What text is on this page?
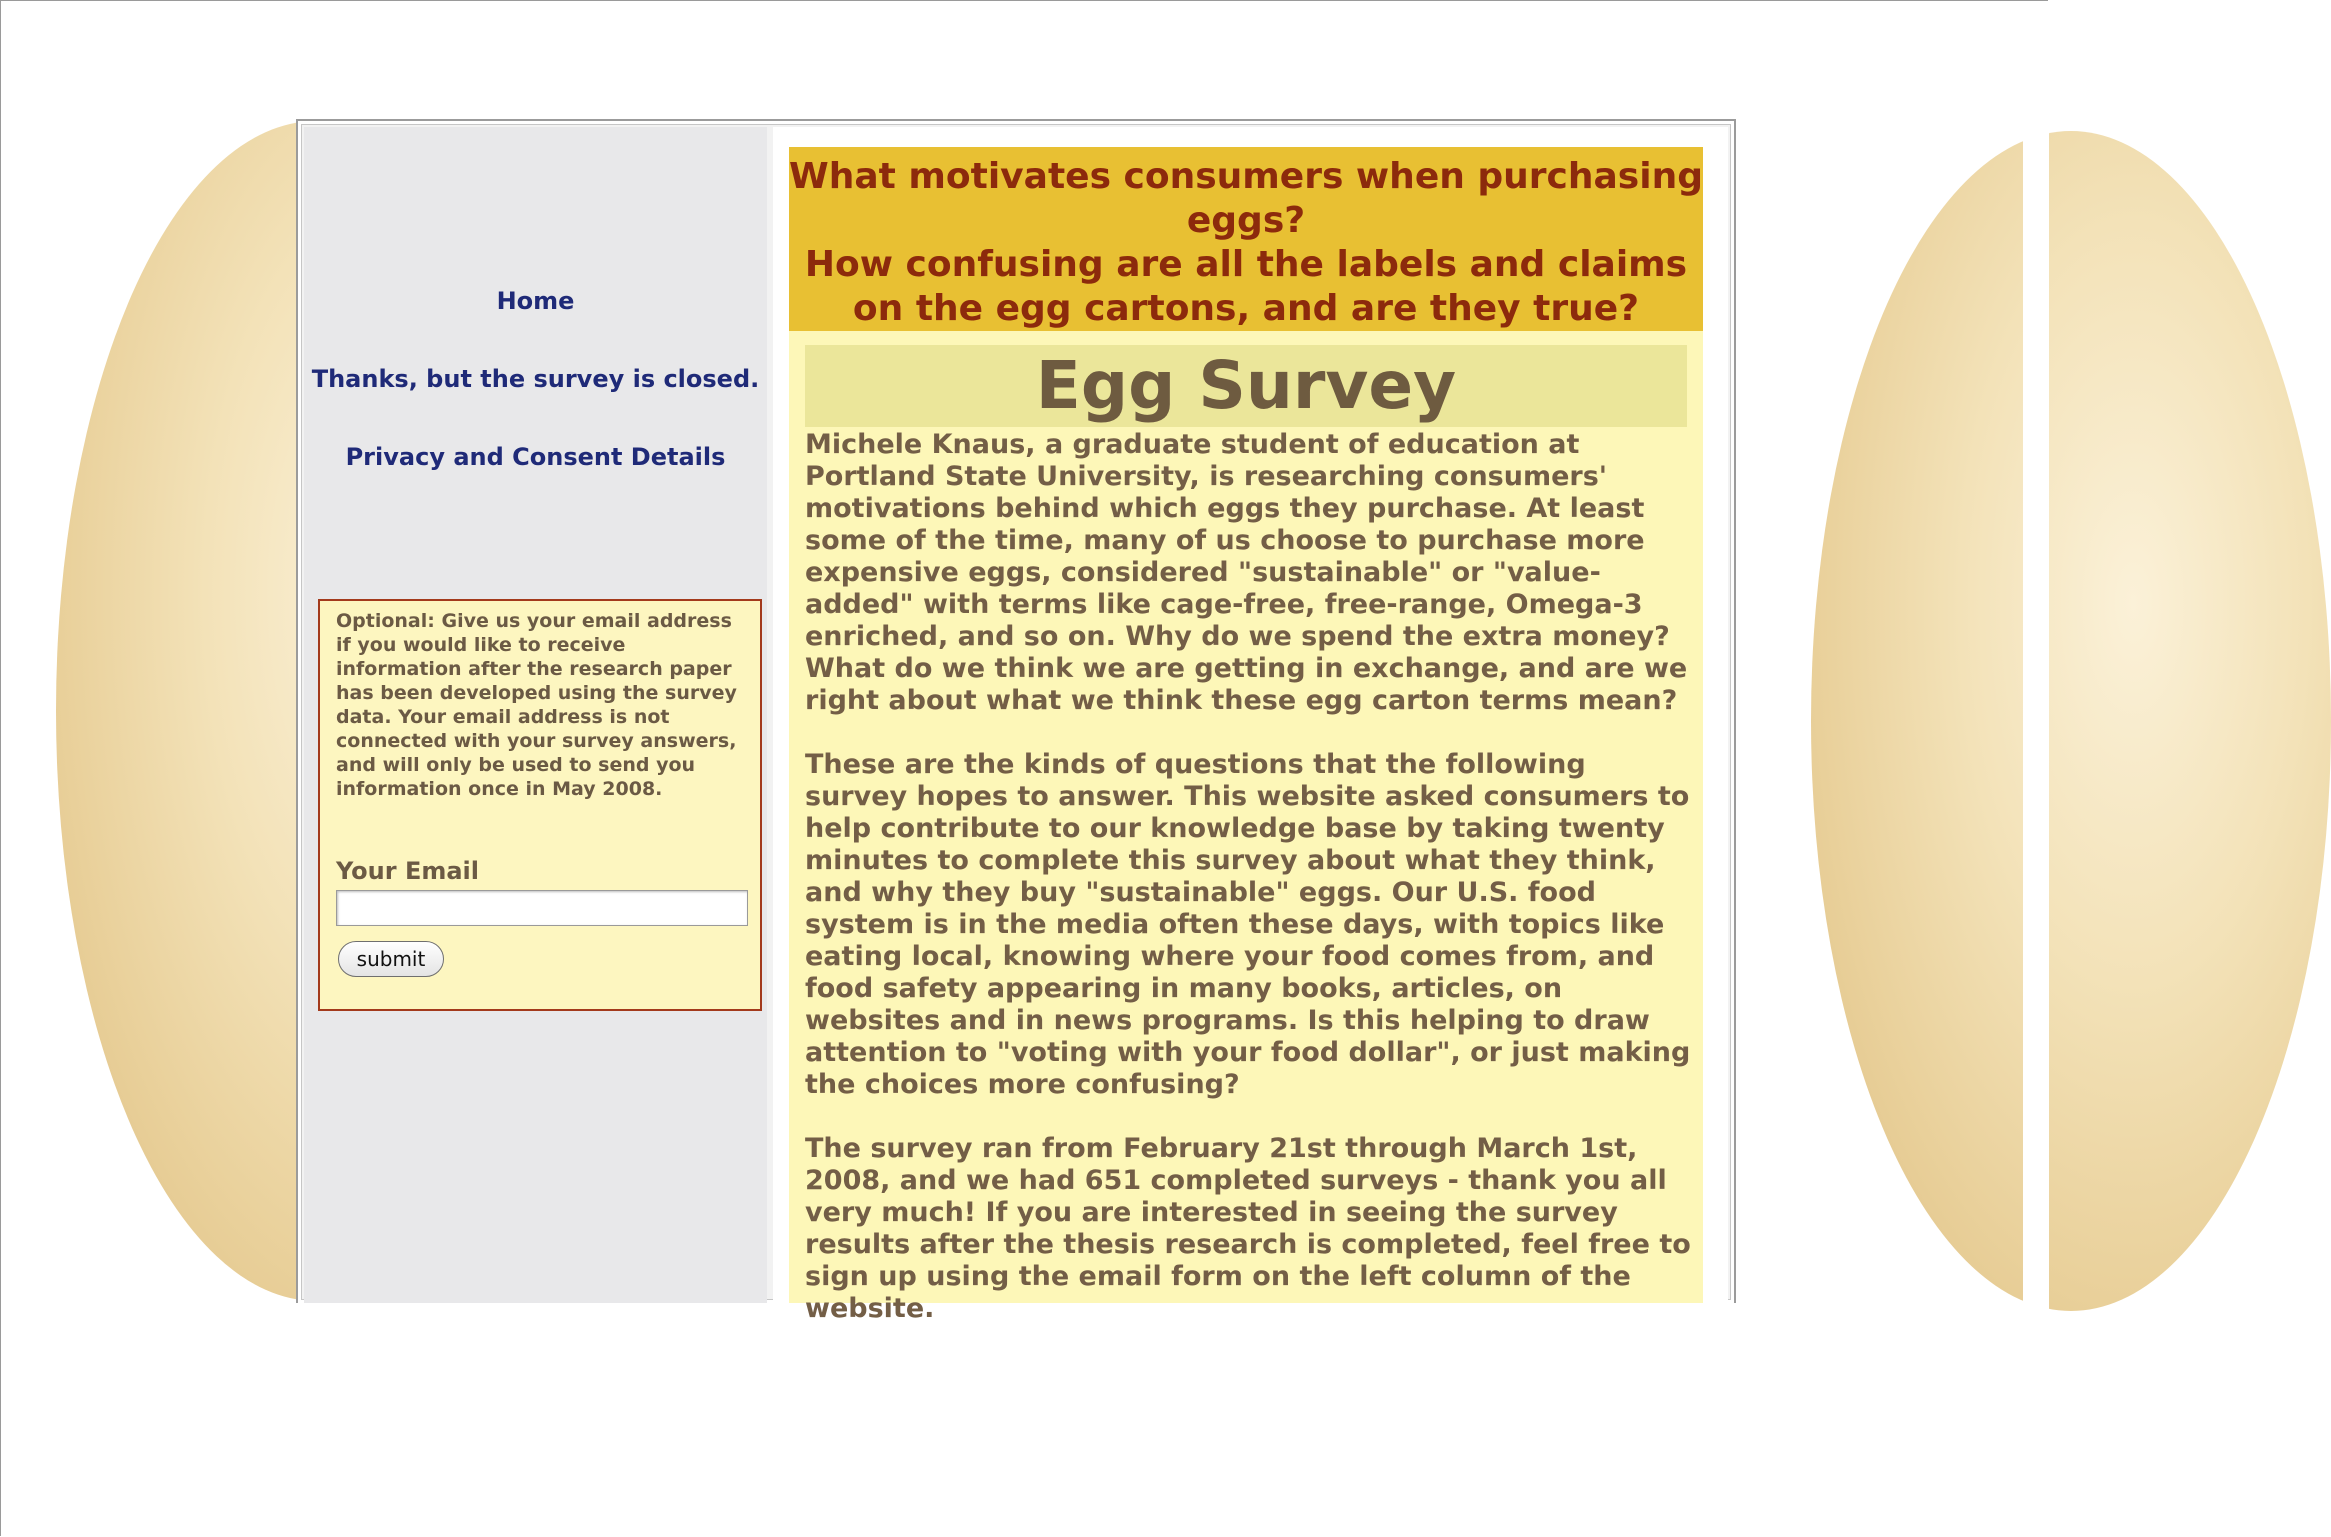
Home
Thanks, but the survey is closed.
Privacy and Consent Details
Optional: Give us your email address if you would like to receive information after the research paper has been developed using the survey data. Your email address is not connected with your survey answers, and will only be used to send you information once in May 2008.
Your Email
submit
What motivates consumers when purchasing eggs?
How confusing are all the labels and claims on the egg cartons, and are they true?
Egg Survey

Michele Knaus, a graduate student of education at Portland State University, is researching consumers' motivations behind which eggs they purchase. At least some of the time, many of us choose to purchase more expensive eggs, considered "sustainable" or "value-added" with terms like cage-free, free-range, Omega-3 enriched, and so on. Why do we spend the extra money? What do we think we are getting in exchange, and are we right about what we think these egg carton terms mean?

These are the kinds of questions that the following survey hopes to answer. This website asked consumers to help contribute to our knowledge base by taking twenty minutes to complete this survey about what they think, and why they buy "sustainable" eggs. Our U.S. food system is in the media often these days, with topics like eating local, knowing where your food comes from, and food safety appearing in many books, articles, on websites and in news programs. Is this helping to draw attention to "voting with your food dollar", or just making the choices more confusing?

The survey ran from February 21st through March 1st, 2008, and we had 651 completed surveys - thank you all very much! If you are interested in seeing the survey results after the thesis research is completed, feel free to sign up using the email form on the left column of the website.
